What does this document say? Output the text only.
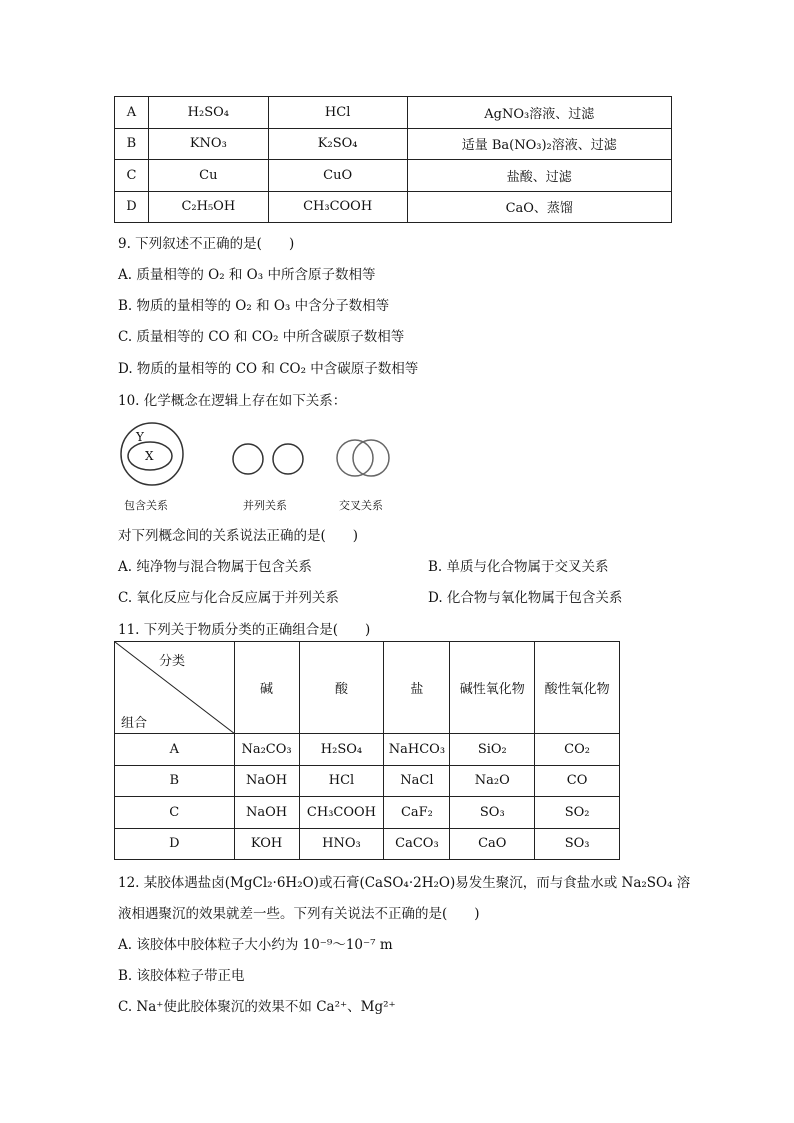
A	H₂SO₄	HCl	AgNO₃溶液、过滤
B	KNO₃	K₂SO₄	适量 Ba(NO₃)₂溶液、过滤
C	Cu	CuO	盐酸、过滤
D	C₂H₅OH	CH₃COOH	CaO、蒸馏
9. 下列叙述不正确的是(　　)
A. 质量相等的 O₂ 和 O₃ 中所含原子数相等
B. 物质的量相等的 O₂ 和 O₃ 中含分子数相等
C. 质量相等的 CO 和 CO₂ 中所含碳原子数相等
D. 物质的量相等的 CO 和 CO₂ 中含碳原子数相等
10. 化学概念在逻辑上存在如下关系：
Y
X
包含关系	并列关系	交叉关系
对下列概念间的关系说法正确的是(　　)
A. 纯净物与混合物属于包含关系	B. 单质与化合物属于交叉关系
C. 氧化反应与化合反应属于并列关系	D. 化合物与氧化物属于包含关系
11. 下列关于物质分类的正确组合是(　　)
分类
组合	碱	酸	盐	碱性氧化物	酸性氧化物
A	Na₂CO₃	H₂SO₄	NaHCO₃	SiO₂	CO₂
B	NaOH	HCl	NaCl	Na₂O	CO
C	NaOH	CH₃COOH	CaF₂	SO₃	SO₂
D	KOH	HNO₃	CaCO₃	CaO	SO₃
12. 某胶体遇盐卤(MgCl₂·6H₂O)或石膏(CaSO₄·2H₂O)易发生聚沉，而与食盐水或 Na₂SO₄ 溶
液相遇聚沉的效果就差一些。下列有关说法不正确的是(　　)
A. 该胶体中胶体粒子大小约为 10⁻⁹～10⁻⁷ m
B. 该胶体粒子带正电
C. Na⁺使此胶体聚沉的效果不如 Ca²⁺、Mg²⁺
